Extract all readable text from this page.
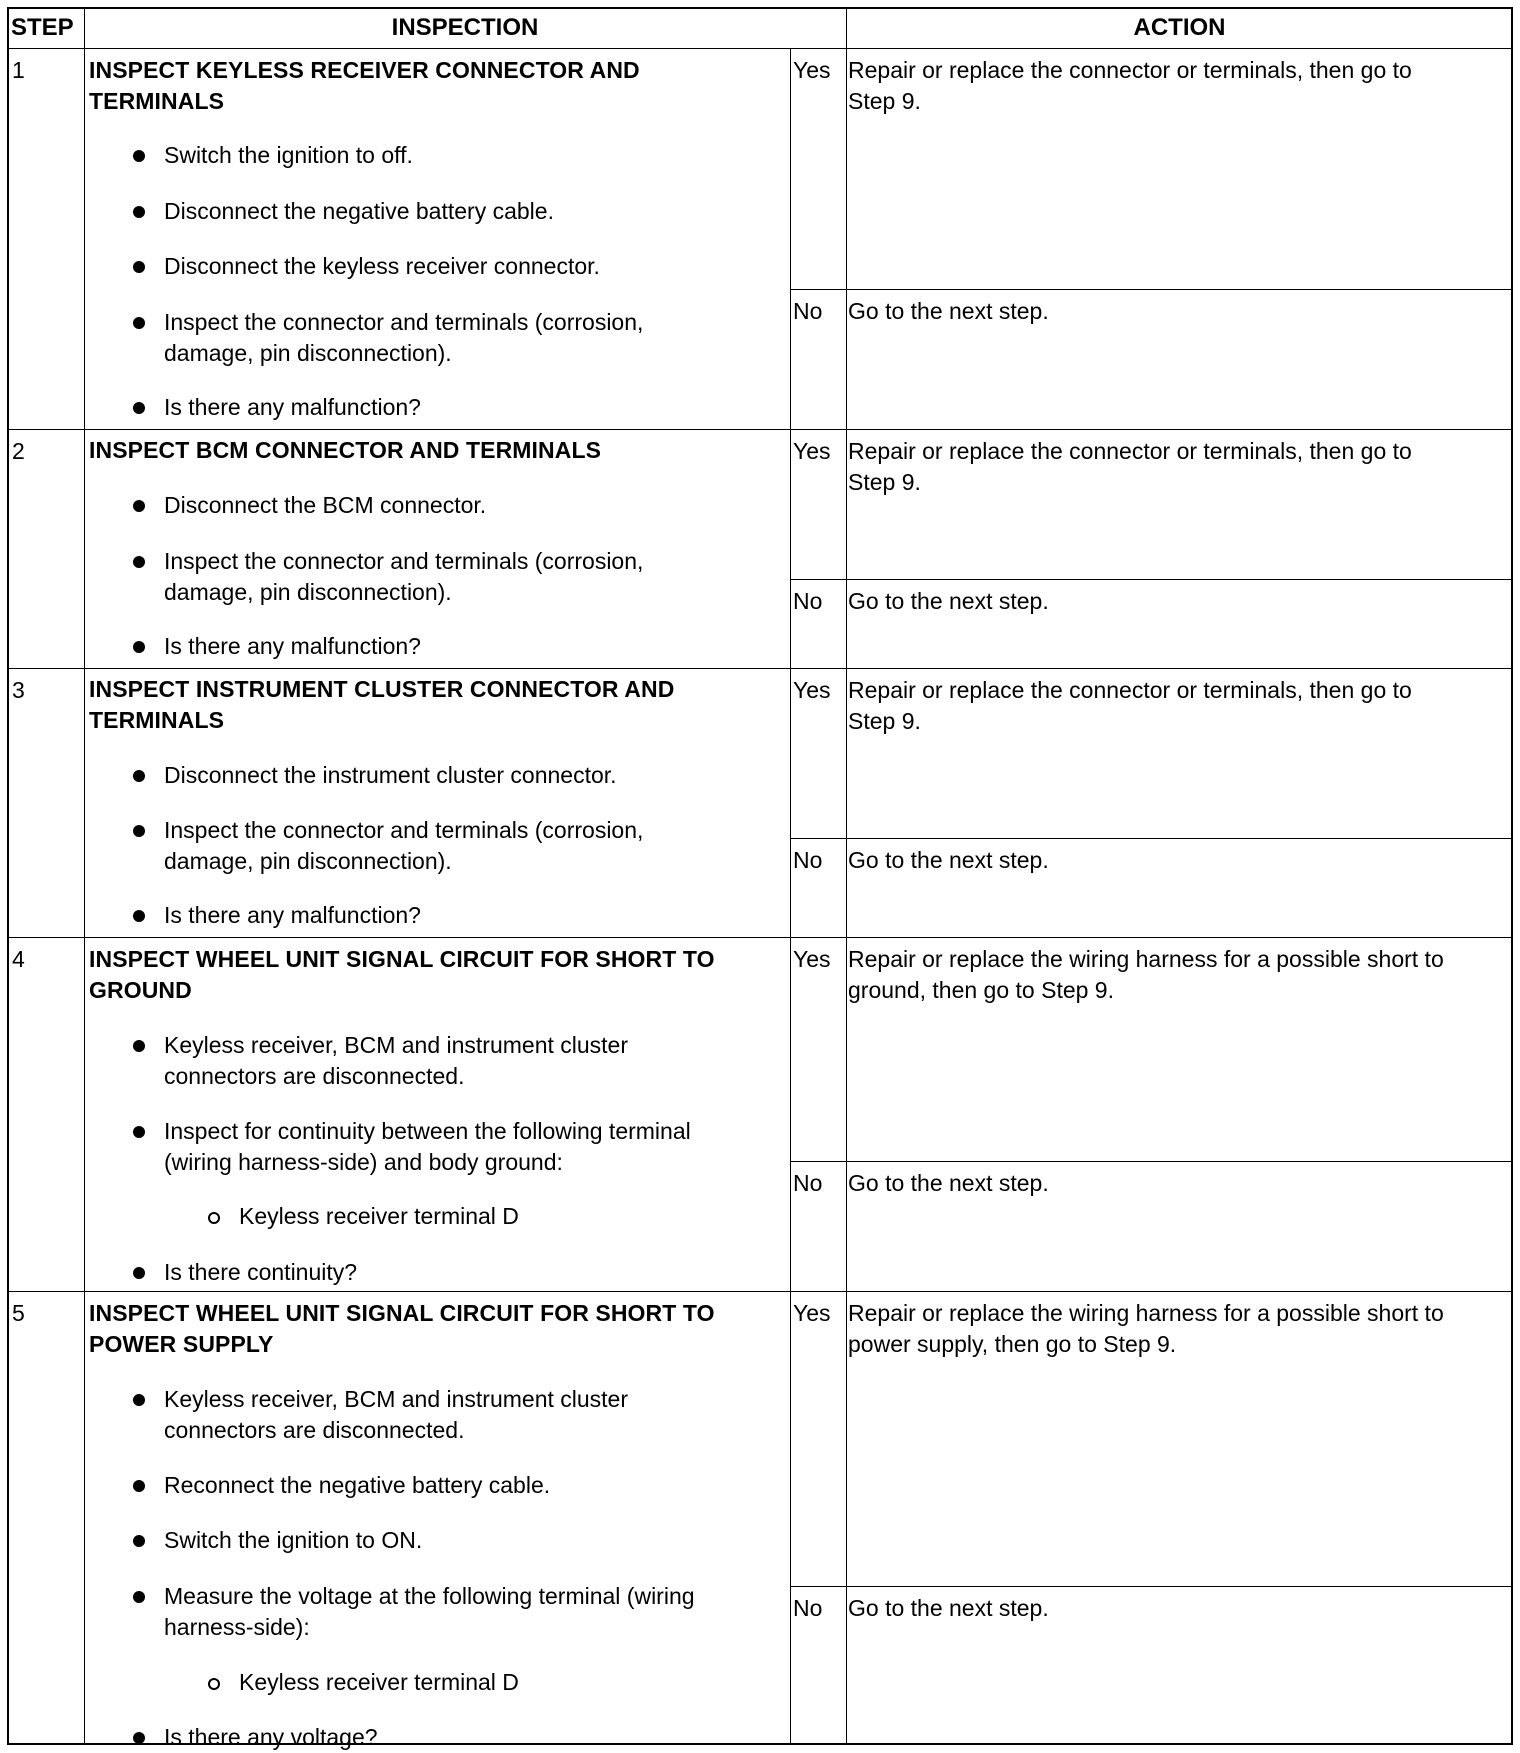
STEP	INSPECTION	ACTION
1	INSPECT KEYLESS RECEIVER CONNECTOR AND
TERMINALS
Switch the ignition to off.
Disconnect the negative battery cable.
Disconnect the keyless receiver connector.
Inspect the connector and terminals (corrosion,
damage, pin disconnection).
Is there any malfunction?
Yes Repair or replace the connector or terminals, then go to
Step 9.
No Go to the next step.
2	INSPECT BCM CONNECTOR AND TERMINALS
Disconnect the BCM connector.
Inspect the connector and terminals (corrosion,
damage, pin disconnection).
Is there any malfunction?
Yes Repair or replace the connector or terminals, then go to
Step 9.
No Go to the next step.
3	INSPECT INSTRUMENT CLUSTER CONNECTOR AND
TERMINALS
Disconnect the instrument cluster connector.
Inspect the connector and terminals (corrosion,
damage, pin disconnection).
Is there any malfunction?
Yes Repair or replace the connector or terminals, then go to
Step 9.
No Go to the next step.
4	INSPECT WHEEL UNIT SIGNAL CIRCUIT FOR SHORT TO
GROUND
Keyless receiver, BCM and instrument cluster
connectors are disconnected.
Inspect for continuity between the following terminal
(wiring harness-side) and body ground:
Keyless receiver terminal D
Is there continuity?
Yes Repair or replace the wiring harness for a possible short to
ground, then go to Step 9.
No Go to the next step.
5	INSPECT WHEEL UNIT SIGNAL CIRCUIT FOR SHORT TO
POWER SUPPLY
Keyless receiver, BCM and instrument cluster
connectors are disconnected.
Reconnect the negative battery cable.
Switch the ignition to ON.
Measure the voltage at the following terminal (wiring
harness-side):
Keyless receiver terminal D
Is there any voltage?
Yes Repair or replace the wiring harness for a possible short to
power supply, then go to Step 9.
No Go to the next step.
